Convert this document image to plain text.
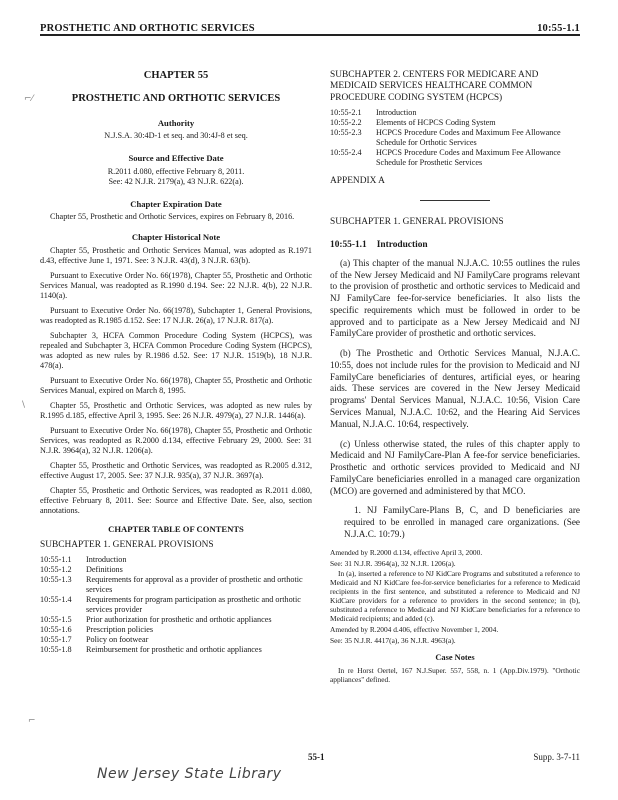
PROSTHETIC AND ORTHOTIC SERVICES	10:55-1.1
⌐⁄
\
⌐
CHAPTER 55
PROSTHETIC AND ORTHOTIC SERVICES
Authority
N.J.S.A. 30:4D-1 et seq. and 30:4J-8 et seq.
Source and Effective Date
R.2011 d.080, effective February 8, 2011.
See: 42 N.J.R. 2179(a), 43 N.J.R. 622(a).
Chapter Expiration Date

Chapter 55, Prosthetic and Orthotic Services, expires on February 8, 2016.

Chapter Historical Note

Chapter 55, Prosthetic and Orthotic Services Manual, was adopted as R.1971 d.43, effective June 1, 1971. See: 3 N.J.R. 43(d), 3 N.J.R. 63(b).

Pursuant to Executive Order No. 66(1978), Chapter 55, Prosthetic and Orthotic Services Manual, was readopted as R.1990 d.194. See: 22 N.J.R. 4(b), 22 N.J.R. 1140(a).

Pursuant to Executive Order No. 66(1978), Subchapter 1, General Provisions, was readopted as R.1985 d.152. See: 17 N.J.R. 26(a), 17 N.J.R. 817(a).

Subchapter 3, HCFA Common Procedure Coding System (HCPCS), was repealed and Subchapter 3, HCFA Common Procedure Coding System (HCPCS), was adopted as new rules by R.1986 d.52. See: 17 N.J.R. 1519(b), 18 N.J.R. 478(a).

Pursuant to Executive Order No. 66(1978), Chapter 55, Prosthetic and Orthotic Services Manual, expired on March 8, 1995.

Chapter 55, Prosthetic and Orthotic Services, was adopted as new rules by R.1995 d.185, effective April 3, 1995. See: 26 N.J.R. 4979(a), 27 N.J.R. 1446(a).

Pursuant to Executive Order No. 66(1978), Chapter 55, Prosthetic and Orthotic Services, was readopted as R.2000 d.134, effective February 29, 2000. See: 31 N.J.R. 3964(a), 32 N.J.R. 1206(a).

Chapter 55, Prosthetic and Orthotic Services, was readopted as R.2005 d.312, effective August 17, 2005. See: 37 N.J.R. 935(a), 37 N.J.R. 3697(a).

Chapter 55, Prosthetic and Orthotic Services, was readopted as R.2011 d.080, effective February 8, 2011. See: Source and Effective Date. See, also, section annotations.

CHAPTER TABLE OF CONTENTS
SUBCHAPTER 1. GENERAL PROVISIONS
10:55-1.1	Introduction
10:55-1.2	Definitions
10:55-1.3	Requirements for approval as a provider of prosthetic and orthotic services
10:55-1.4	Requirements for program participation as prosthetic and orthotic services provider
10:55-1.5	Prior authorization for prosthetic and orthotic appliances
10:55-1.6	Prescription policies
10:55-1.7	Policy on footwear
10:55-1.8	Reimbursement for prosthetic and orthotic appliances
SUBCHAPTER 2. CENTERS FOR MEDICARE AND MEDICAID SERVICES HEALTHCARE COMMON PROCEDURE CODING SYSTEM (HCPCS)
10:55-2.1	Introduction
10:55-2.2	Elements of HCPCS Coding System
10:55-2.3	HCPCS Procedure Codes and Maximum Fee Allowance Schedule for Orthotic Services
10:55-2.4	HCPCS Procedure Codes and Maximum Fee Allowance Schedule for Prosthetic Services
APPENDIX A
SUBCHAPTER 1. GENERAL PROVISIONS
10:55-1.1 Introduction

(a) This chapter of the manual N.J.A.C. 10:55 outlines the rules of the New Jersey Medicaid and NJ FamilyCare programs relevant to the provision of prosthetic and orthotic services to Medicaid and NJ FamilyCare fee-for-service beneficiaries. It also lists the specific requirements which must be followed in order to be approved and to participate as a New Jersey Medicaid and NJ FamilyCare provider of prosthetic and orthotic services.

(b) The Prosthetic and Orthotic Services Manual, N.J.A.C. 10:55, does not include rules for the provision to Medicaid and NJ FamilyCare beneficiaries of dentures, artificial eyes, or hearing aids. These services are covered in the New Jersey Medicaid programs' Dental Services Manual, N.J.A.C. 10:56, Vision Care Services Manual, N.J.A.C. 10:62, and the Hearing Aid Services Manual, N.J.A.C. 10:64, respectively.

(c) Unless otherwise stated, the rules of this chapter apply to Medicaid and NJ FamilyCare-Plan A fee-for service beneficiaries. Prosthetic and orthotic services provided to Medicaid and NJ FamilyCare beneficiaries enrolled in a managed care organization (MCO) are governed and administered by that MCO.

1. NJ FamilyCare-Plans B, C, and D beneficiaries are required to be enrolled in managed care organizations. (See N.J.A.C. 10:79.)

Amended by R.2000 d.134, effective April 3, 2000.

See: 31 N.J.R. 3964(a), 32 N.J.R. 1206(a).

In (a), inserted a reference to NJ KidCare Programs and substituted a reference to Medicaid and NJ KidCare fee-for-service beneficiaries for a reference to Medicaid recipients in the first sentence, and substituted a reference to Medicaid and NJ KidCare providers for a reference to providers in the second sentence; in (b), substituted a reference to Medicaid and NJ KidCare beneficiaries for a reference to Medicaid recipients; and added (c).

Amended by R.2004 d.406, effective November 1, 2004.

See: 35 N.J.R. 4417(a), 36 N.J.R. 4963(a).

Case Notes

In re Horst Oertel, 167 N.J.Super. 557, 558, n. 1 (App.Div.1979). "Orthotic appliances" defined.

55-1	Supp. 3-7-11
New Jersey State Library
